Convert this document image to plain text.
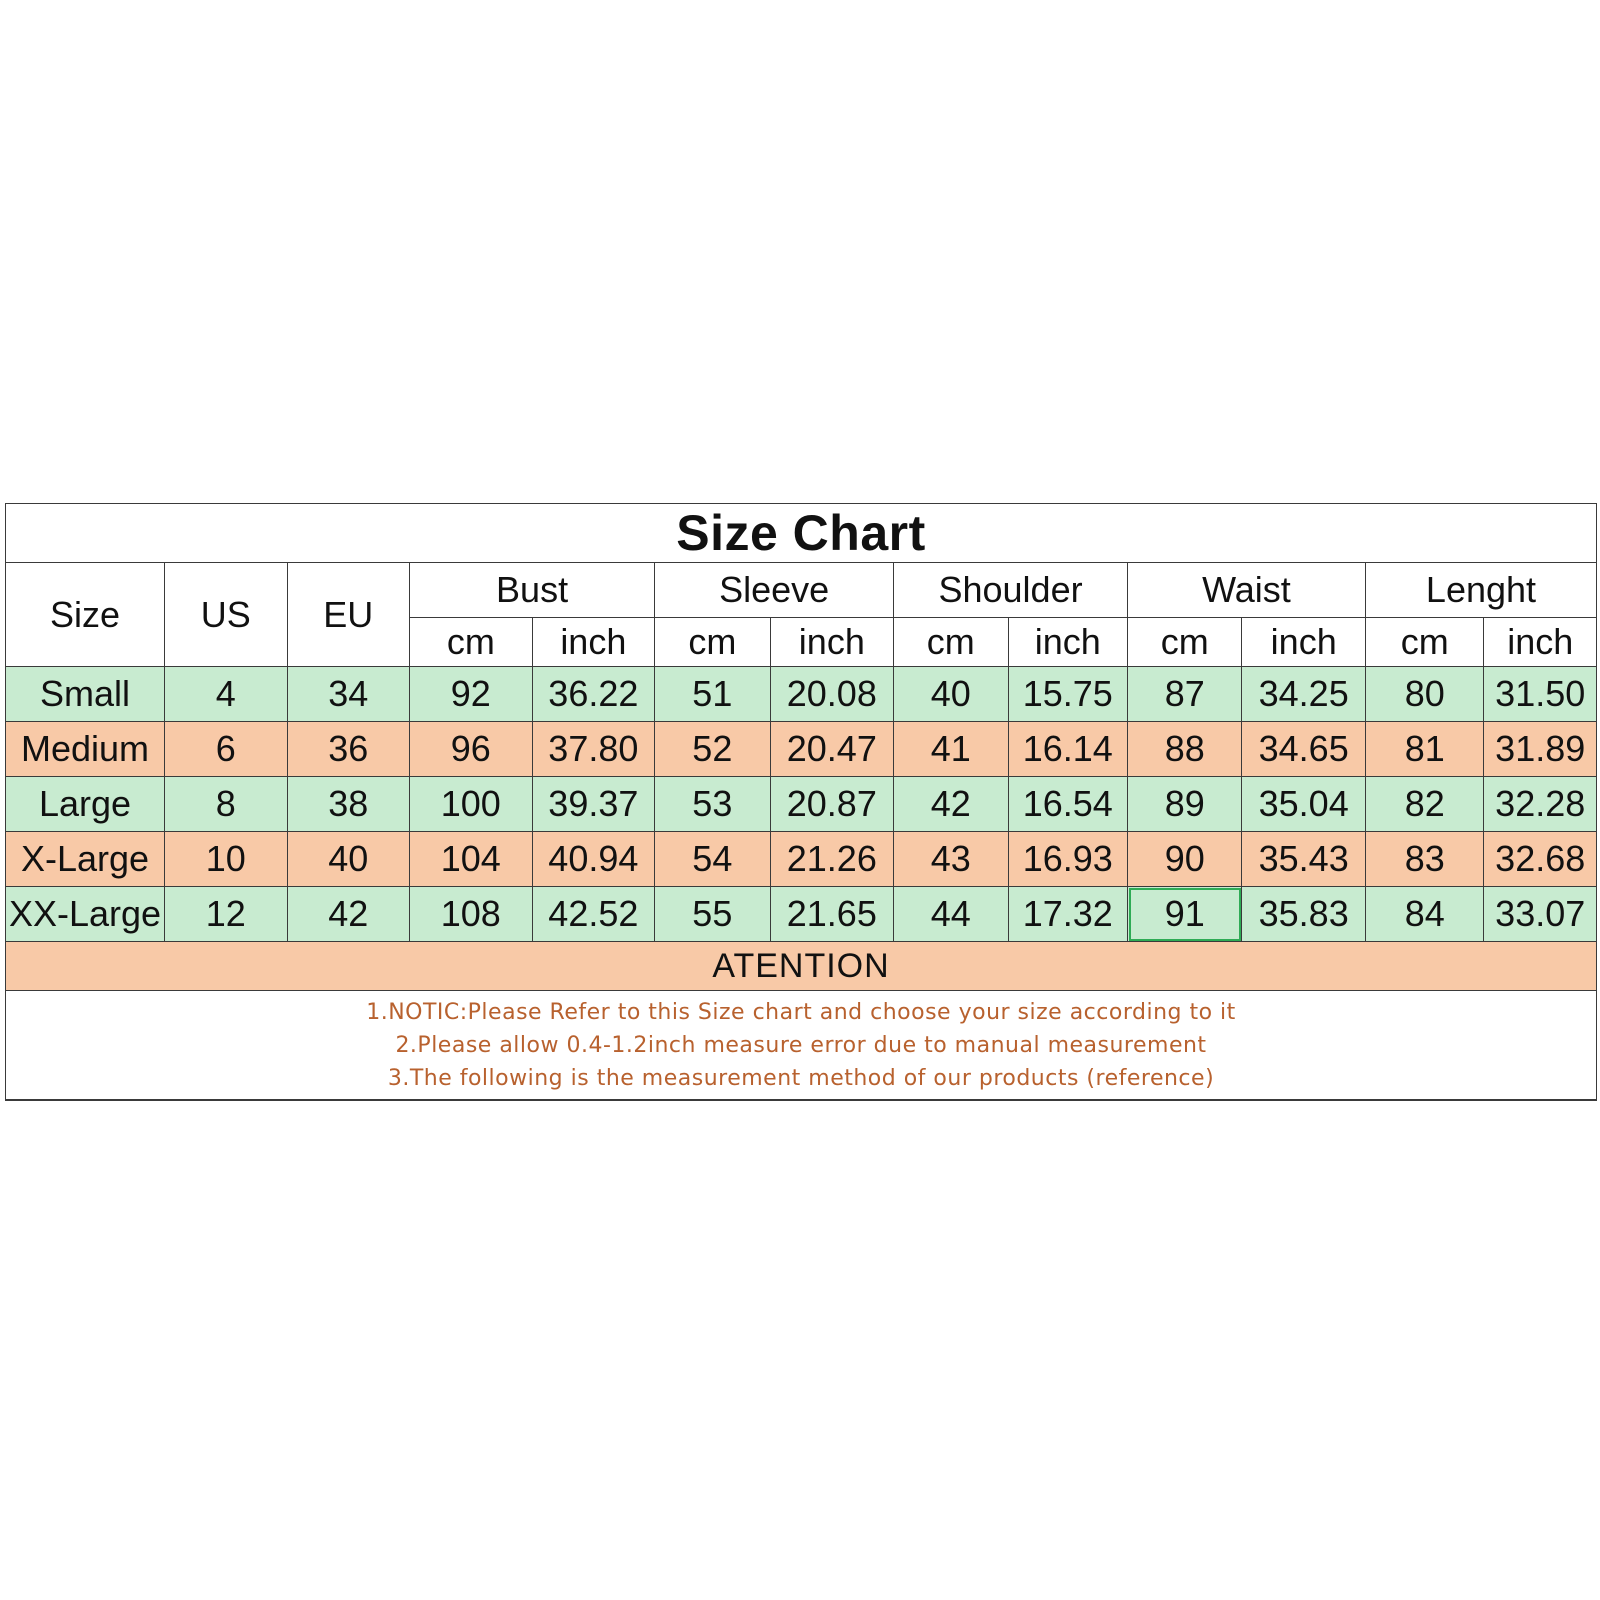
Size Chart												
Size	US	EU	Bust		Sleeve		Shoulder		Waist		Lenght	
			cm	inch	cm	inch	cm	inch	cm	inch	cm	inch
Small	4	34	92	36.22	51	20.08	40	15.75	87	34.25	80	31.50
Medium	6	36	96	37.80	52	20.47	41	16.14	88	34.65	81	31.89
Large	8	38	100	39.37	53	20.87	42	16.54	89	35.04	82	32.28
X-Large	10	40	104	40.94	54	21.26	43	16.93	90	35.43	83	32.68
XX-Large	12	42	108	42.52	55	21.65	44	17.32	91	35.83	84	33.07
ATENTION												

1.NOTIC:Please Refer to this Size chart and choose your size according to it
2.Please allow 0.4-1.2inch measure error due to manual measurement
3.The following is the measurement method of our products (reference)												
